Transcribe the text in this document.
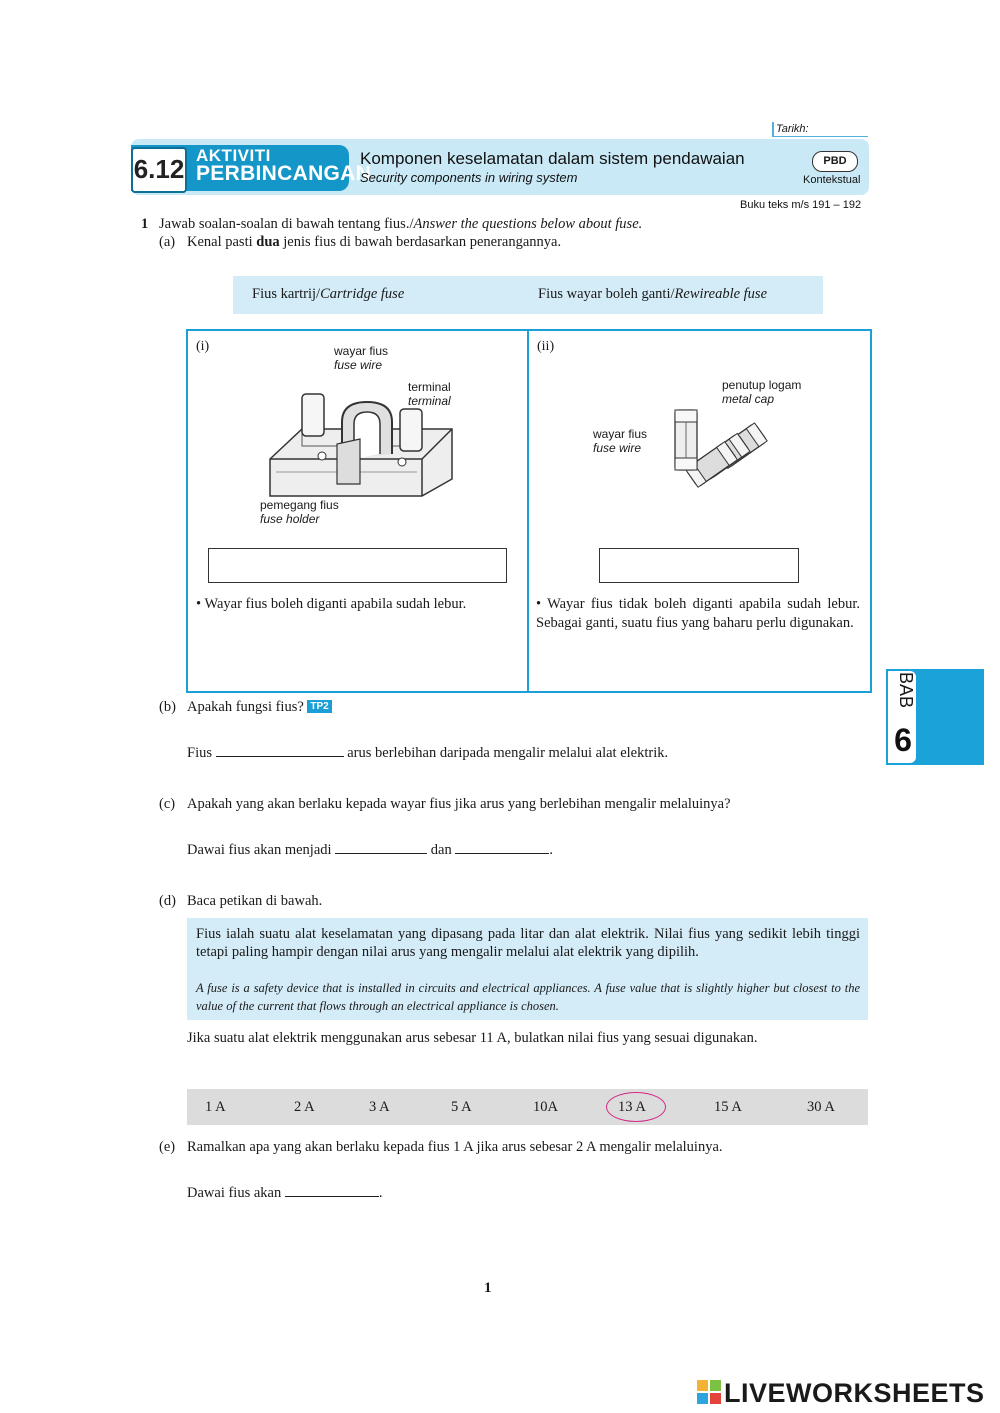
Tarikh:
6.12 AKTIVITI
PERBINCANGAN
Komponen keselamatan dalam sistem pendawaian
Security components in wiring system
PBD
Kontekstual
Buku teks m/s 191 – 192
1 Jawab soalan-soalan di bawah tentang fius./Answer the questions below about fuse.
(a) Kenal pasti dua jenis fius di bawah berdasarkan penerangannya.
Fius kartrij/Cartridge fuse	Fius wayar boleh ganti/Rewireable fuse
(i)	wayar fius
fuse wire
terminal
terminal
pemegang fius
fuse holder
• Wayar fius boleh diganti apabila sudah lebur.
(ii)
penutup logam
metal cap
wayar fius
fuse wire
• Wayar fius tidak boleh diganti apabila sudah lebur. Sebagai ganti, suatu fius yang baharu perlu digunakan.
BAB
6
(b) Apakah fungsi fius? TP2
Fius	arus berlebihan daripada mengalir melalui alat elektrik.
(c) Apakah yang akan berlaku kepada wayar fius jika arus yang berlebihan mengalir melaluinya?
Dawai fius akan menjadi	dan	.
(d) Baca petikan di bawah.
Fius ialah suatu alat keselamatan yang dipasang pada litar dan alat elektrik. Nilai fius yang sedikit lebih tinggi tetapi paling hampir dengan nilai arus yang mengalir melalui alat elektrik yang dipilih.
A fuse is a safety device that is installed in circuits and electrical appliances. A fuse value that is slightly higher but closest to the value of the current that flows through an electrical appliance is chosen.
Jika suatu alat elektrik menggunakan arus sebesar 11 A, bulatkan nilai fius yang sesuai digunakan.
1 A	2 A	3 A	5 A	10A	13 A	15 A	30 A
(e) Ramalkan apa yang akan berlaku kepada fius 1 A jika arus sebesar 2 A mengalir melaluinya.
Dawai fius akan	.
1
LIVEWORKSHEETS
